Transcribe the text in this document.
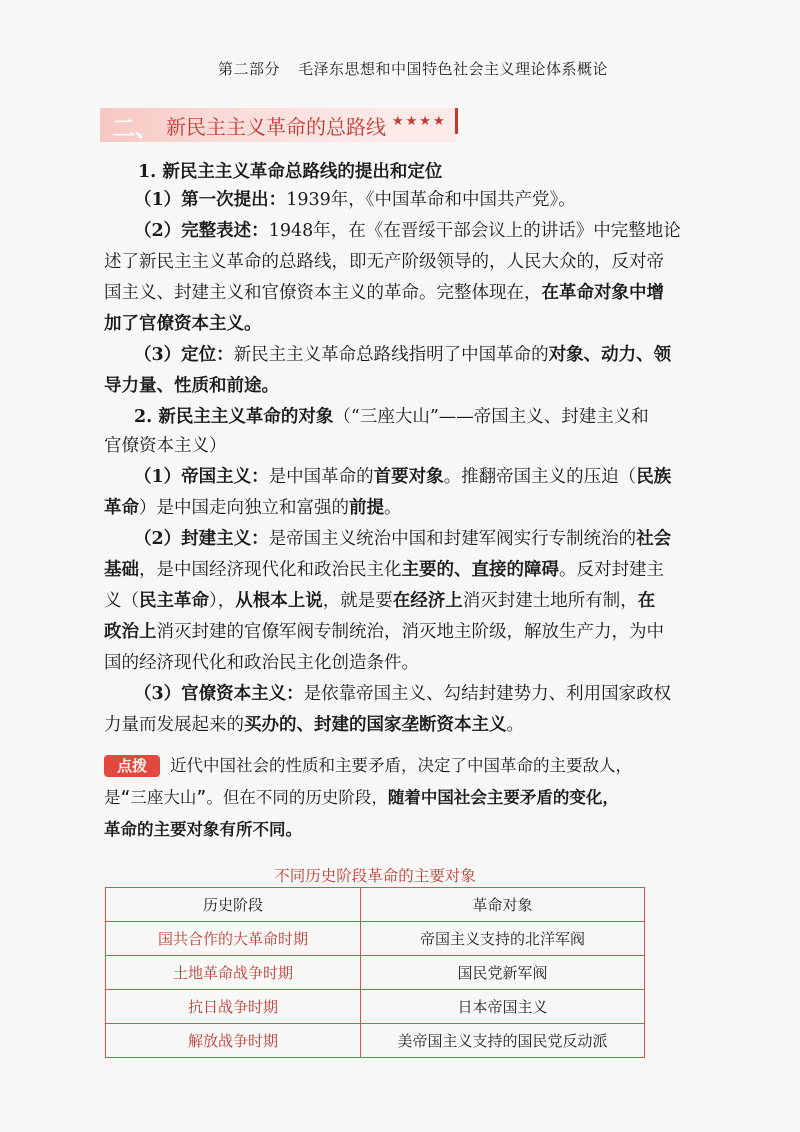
第二部分 毛泽东思想和中国特色社会主义理论体系概论
二、 新民主主义革命的总路线 ★★★★
1. 新民主主义革命总路线的提出和定位
（1）第一次提出：1939年，《中国革命和中国共产党》。
（2）完整表述：1948年，在《在晋绥干部会议上的讲话》中完整地论
述了新民主主义革命的总路线，即无产阶级领导的，人民大众的，反对帝
国主义、封建主义和官僚资本主义的革命。完整体现在，在革命对象中增
加了官僚资本主义。
（3）定位：新民主主义革命总路线指明了中国革命的对象、动力、领
导力量、性质和前途。
2. 新民主主义革命的对象（“三座大山”——帝国主义、封建主义和
官僚资本主义）
（1）帝国主义：是中国革命的首要对象。推翻帝国主义的压迫（民族
革命）是中国走向独立和富强的前提。
（2）封建主义：是帝国主义统治中国和封建军阀实行专制统治的社会
基础，是中国经济现代化和政治民主化主要的、直接的障碍。反对封建主
义（民主革命），从根本上说，就是要在经济上消灭封建土地所有制，在
政治上消灭封建的官僚军阀专制统治，消灭地主阶级，解放生产力，为中
国的经济现代化和政治民主化创造条件。
（3）官僚资本主义：是依靠帝国主义、勾结封建势力、利用国家政权
力量而发展起来的买办的、封建的国家垄断资本主义。
点拨	近代中国社会的性质和主要矛盾，决定了中国革命的主要敌人，
是“三座大山”。但在不同的历史阶段，随着中国社会主要矛盾的变化，
革命的主要对象有所不同。
不同历史阶段革命的主要对象
历史阶段	革命对象
国共合作的大革命时期	帝国主义支持的北洋军阀
土地革命战争时期	国民党新军阀
抗日战争时期	日本帝国主义
解放战争时期	美帝国主义支持的国民党反动派
